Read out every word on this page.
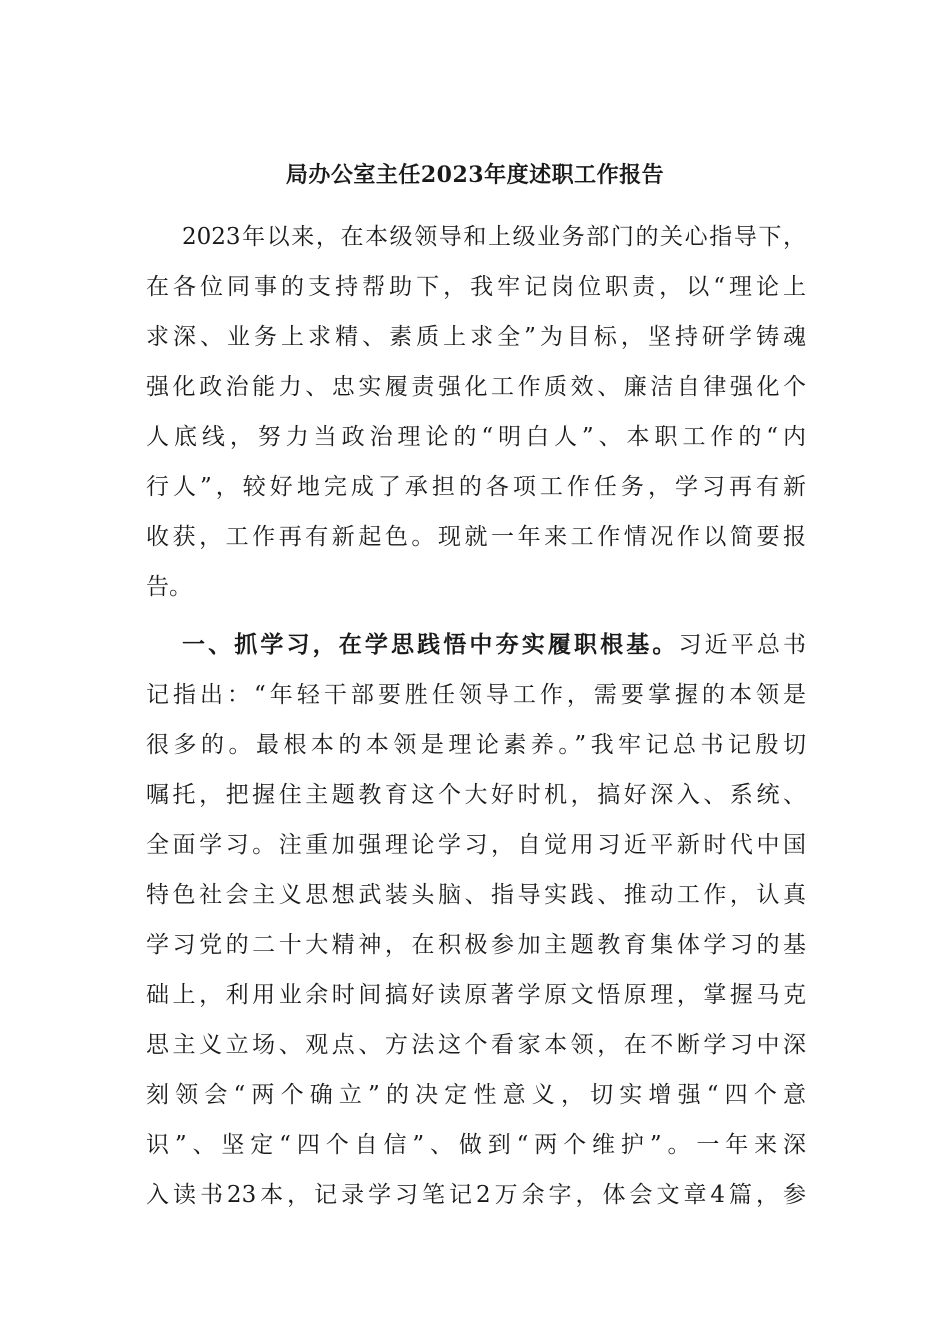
局办公室主任2023年度述职工作报告
2023年以来，在本级领导和上级业务部门的关心指导下，
在各位同事的支持帮助下，我牢记岗位职责，以“理论上
求深、业务上求精、素质上求全”为目标，坚持研学铸魂
强化政治能力、忠实履责强化工作质效、廉洁自律强化个
人底线，努力当政治理论的“明白人”、本职工作的“内
行人”，较好地完成了承担的各项工作任务，学习再有新
收获，工作再有新起色。现就一年来工作情况作以简要报
告。
一、抓学习，在学思践悟中夯实履职根基。习近平总书
记指出：“年轻干部要胜任领导工作，需要掌握的本领是
很多的。最根本的本领是理论素养。”我牢记总书记殷切
嘱托，把握住主题教育这个大好时机，搞好深入、系统、
全面学习。注重加强理论学习，自觉用习近平新时代中国
特色社会主义思想武装头脑、指导实践、推动工作，认真
学习党的二十大精神，在积极参加主题教育集体学习的基
础上，利用业余时间搞好读原著学原文悟原理，掌握马克
思主义立场、观点、方法这个看家本领，在不断学习中深
刻领会“两个确立”的决定性意义，切实增强“四个意
识”、坚定“四个自信”、做到“两个维护”。一年来深
入读书23本，记录学习笔记2万余字，体会文章4篇，参
